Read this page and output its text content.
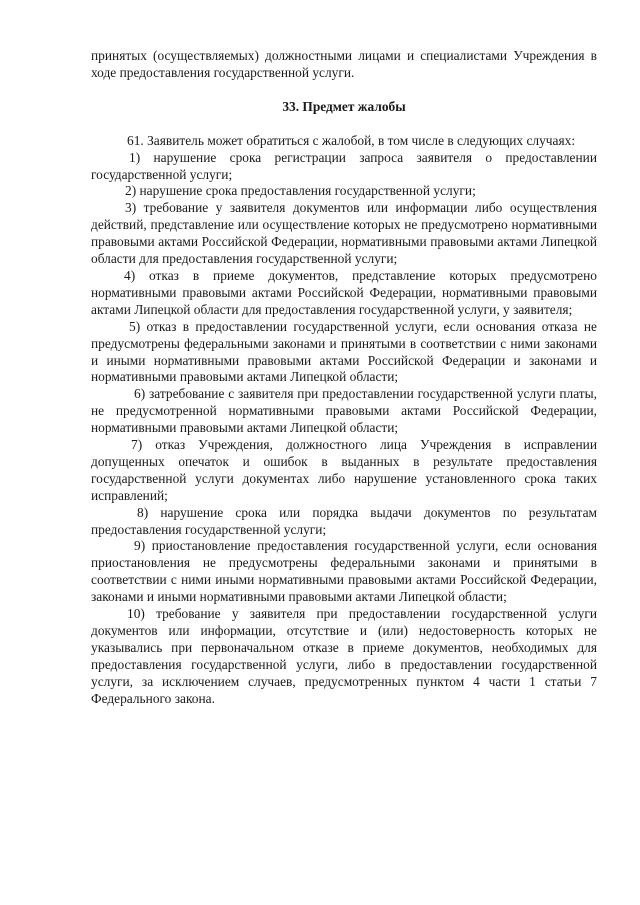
принятых (осуществляемых) должностными лицами и специалистами Учреждения в ходе предоставления государственной услуги.

33. Предмет жалобы

61. Заявитель может обратиться с жалобой, в том числе в следующих случаях:

1) нарушение срока регистрации запроса заявителя о предоставлении государственной услуги;

2) нарушение срока предоставления государственной услуги;

3) требование у заявителя документов или информации либо осуществления действий, представление или осуществление которых не предусмотрено нормативными правовыми актами Российской Федерации, нормативными правовыми актами Липецкой области для предоставления государственной услуги;

4) отказ в приеме документов, представление которых предусмотрено нормативными правовыми актами Российской Федерации, нормативными правовыми актами Липецкой области для предоставления государственной услуги, у заявителя;

5) отказ в предоставлении государственной услуги, если основания отказа не предусмотрены федеральными законами и принятыми в соответствии с ними законами и иными нормативными правовыми актами Российской Федерации и законами и нормативными правовыми актами Липецкой области;

6) затребование с заявителя при предоставлении государственной услуги платы, не предусмотренной нормативными правовыми актами Российской Федерации, нормативными правовыми актами Липецкой области;

7) отказ Учреждения, должностного лица Учреждения в исправлении допущенных опечаток и ошибок в выданных в результате предоставления государственной услуги документах либо нарушение установленного срока таких исправлений;

8) нарушение срока или порядка выдачи документов по результатам предоставления государственной услуги;

9) приостановление предоставления государственной услуги, если основания приостановления не предусмотрены федеральными законами и принятыми в соответствии с ними иными нормативными правовыми актами Российской Федерации, законами и иными нормативными правовыми актами Липецкой области;

10) требование у заявителя при предоставлении государственной услуги документов или информации, отсутствие и (или) недостоверность которых не указывались при первоначальном отказе в приеме документов, необходимых для предоставления государственной услуги, либо в предоставлении государственной услуги, за исключением случаев, предусмотренных пунктом 4 части 1 статьи 7 Федерального закона.
